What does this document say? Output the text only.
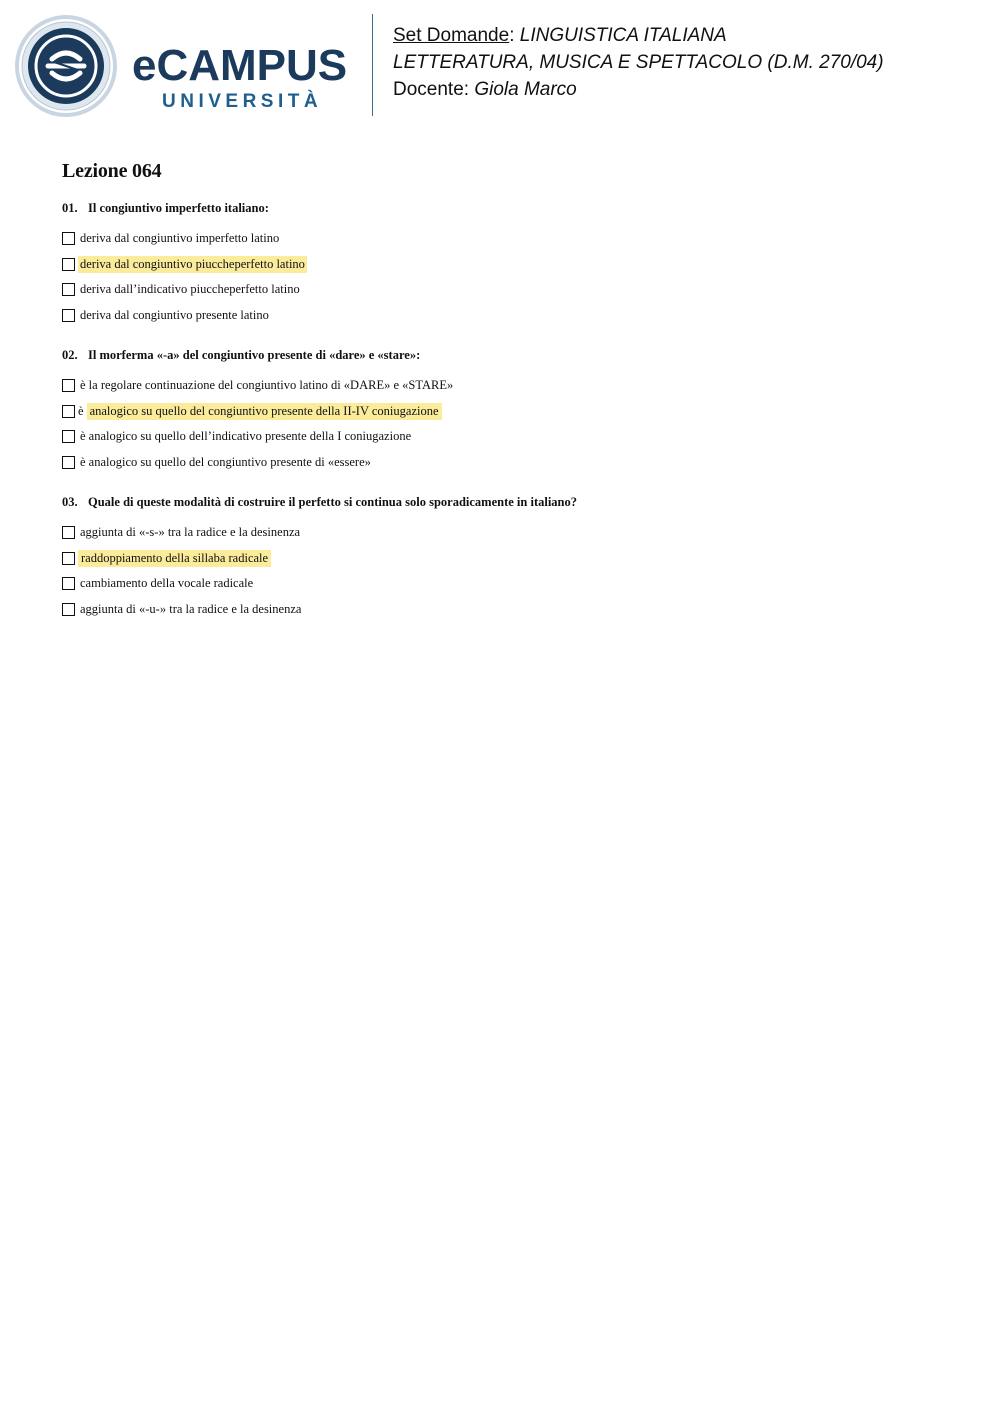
eCAMPUS
UNIVERSITÀ
Set Domande: LINGUISTICA ITALIANA
LETTERATURA, MUSICA E SPETTACOLO (D.M. 270/04)
Docente: Giola Marco
Lezione 064
01. Il congiuntivo imperfetto italiano:
deriva dal congiuntivo imperfetto latino
deriva dal congiuntivo piuccheperfetto latino
deriva dall’indicativo piuccheperfetto latino
deriva dal congiuntivo presente latino
02. Il morferma «-a» del congiuntivo presente di «dare» e «stare»:
è la regolare continuazione del congiuntivo latino di «DARE» e «STARE»
è analogico su quello del congiuntivo presente della II-IV coniugazione
è analogico su quello dell’indicativo presente della I coniugazione
è analogico su quello del congiuntivo presente di «essere»
03. Quale di queste modalità di costruire il perfetto si continua solo sporadicamente in italiano?
aggiunta di «-s-» tra la radice e la desinenza
raddoppiamento della sillaba radicale
cambiamento della vocale radicale
aggiunta di «-u-» tra la radice e la desinenza
